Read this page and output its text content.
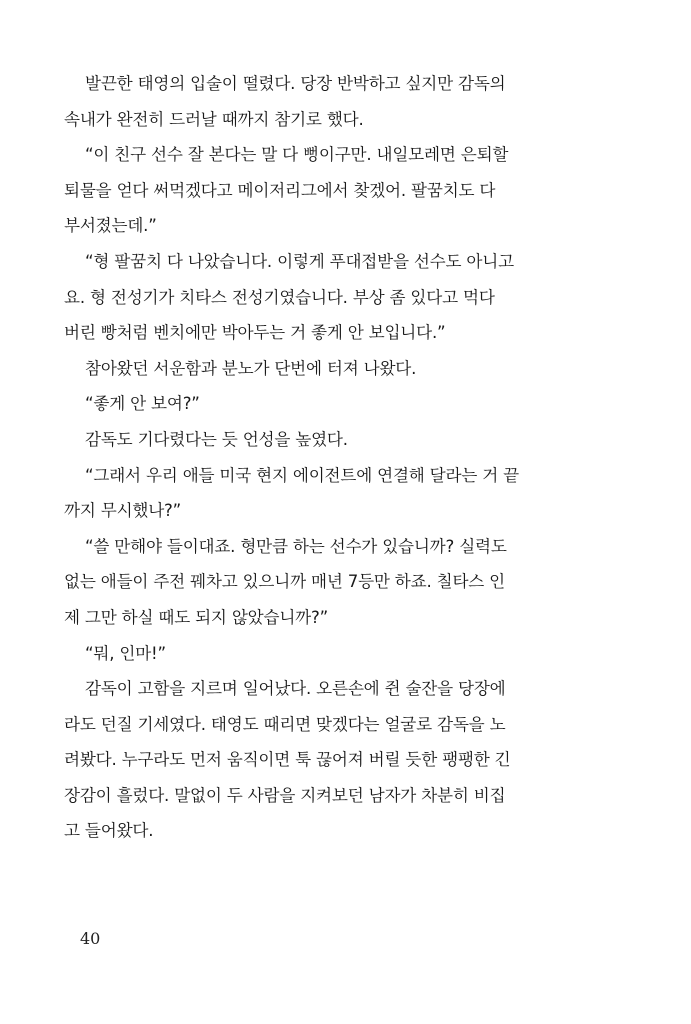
발끈한 태영의 입술이 떨렸다. 당장 반박하고 싶지만 감독의
속내가 완전히 드러날 때까지 참기로 했다.

“이 친구 선수 잘 본다는 말 다 뻥이구만. 내일모레면 은퇴할
퇴물을 얻다 써먹겠다고 메이저리그에서 찾겠어. 팔꿈치도 다
부서졌는데.”

“형 팔꿈치 다 나았습니다. 이렇게 푸대접받을 선수도 아니고
요. 형 전성기가 치타스 전성기였습니다. 부상 좀 있다고 먹다
버린 빵처럼 벤치에만 박아두는 거 좋게 안 보입니다.”

참아왔던 서운함과 분노가 단번에 터져 나왔다.

“좋게 안 보여?”

감독도 기다렸다는 듯 언성을 높였다.

“그래서 우리 애들 미국 현지 에이전트에 연결해 달라는 거 끝
까지 무시했나?”

“쓸 만해야 들이대죠. 형만큼 하는 선수가 있습니까? 실력도
없는 애들이 주전 꿰차고 있으니까 매년 7등만 하죠. 칠타스 인
제 그만 하실 때도 되지 않았습니까?”

“뭐, 인마!”

감독이 고함을 지르며 일어났다. 오른손에 쥔 술잔을 당장에
라도 던질 기세였다. 태영도 때리면 맞겠다는 얼굴로 감독을 노
려봤다. 누구라도 먼저 움직이면 툭 끊어져 버릴 듯한 팽팽한 긴
장감이 흘렀다. 말없이 두 사람을 지켜보던 남자가 차분히 비집
고 들어왔다.

40
